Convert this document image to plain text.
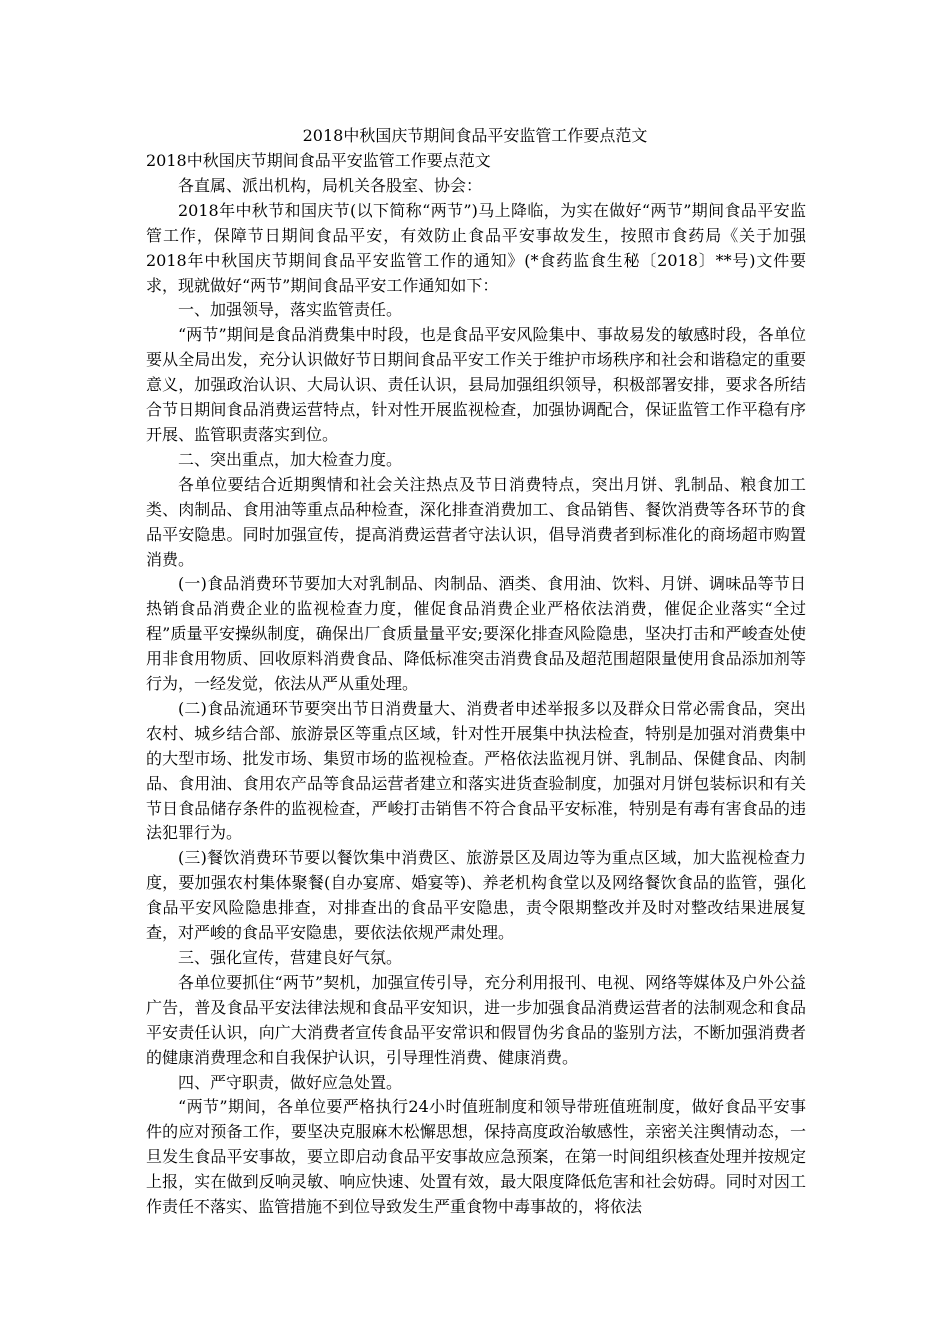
2018中秋国庆节期间食品平安监管工作要点范文

2018中秋国庆节期间食品平安监管工作要点范文

各直属、派出机构，局机关各股室、协会：

2018年中秋节和国庆节(以下简称“两节”)马上降临，为实在做好“两节”期间食品平安监管工作，保障节日期间食品平安，有效防止食品平安事故发生，按照市食药局《关于加强2018年中秋国庆节期间食品平安监管工作的通知》(*食药监食生秘〔2018〕**号)文件要求，现就做好“两节”期间食品平安工作通知如下：

一、加强领导，落实监管责任。

“两节”期间是食品消费集中时段，也是食品平安风险集中、事故易发的敏感时段，各单位要从全局出发，充分认识做好节日期间食品平安工作关于维护市场秩序和社会和谐稳定的重要意义，加强政治认识、大局认识、责任认识，县局加强组织领导，积极部署安排，要求各所结合节日期间食品消费运营特点，针对性开展监视检查，加强协调配合，保证监管工作平稳有序开展、监管职责落实到位。

二、突出重点，加大检查力度。

各单位要结合近期舆情和社会关注热点及节日消费特点，突出月饼、乳制品、粮食加工类、肉制品、食用油等重点品种检查，深化排查消费加工、食品销售、餐饮消费等各环节的食品平安隐患。同时加强宣传，提高消费运营者守法认识，倡导消费者到标准化的商场超市购置消费。

(一)食品消费环节要加大对乳制品、肉制品、酒类、食用油、饮料、月饼、调味品等节日热销食品消费企业的监视检查力度，催促食品消费企业严格依法消费，催促企业落实“全过程”质量平安操纵制度，确保出厂食质量量平安;要深化排查风险隐患，坚决打击和严峻查处使用非食用物质、回收原料消费食品、降低标准突击消费食品及超范围超限量使用食品添加剂等行为，一经发觉，依法从严从重处理。

(二)食品流通环节要突出节日消费量大、消费者申述举报多以及群众日常必需食品，突出农村、城乡结合部、旅游景区等重点区域，针对性开展集中执法检查，特别是加强对消费集中的大型市场、批发市场、集贸市场的监视检查。严格依法监视月饼、乳制品、保健食品、肉制品、食用油、食用农产品等食品运营者建立和落实进货查验制度，加强对月饼包装标识和有关节日食品储存条件的监视检查，严峻打击销售不符合食品平安标准，特别是有毒有害食品的违法犯罪行为。

(三)餐饮消费环节要以餐饮集中消费区、旅游景区及周边等为重点区域，加大监视检查力度，要加强农村集体聚餐(自办宴席、婚宴等)、养老机构食堂以及网络餐饮食品的监管，强化食品平安风险隐患排查，对排查出的食品平安隐患，责令限期整改并及时对整改结果进展复查，对严峻的食品平安隐患，要依法依规严肃处理。

三、强化宣传，营建良好气氛。

各单位要抓住“两节”契机，加强宣传引导，充分利用报刊、电视、网络等媒体及户外公益广告，普及食品平安法律法规和食品平安知识，进一步加强食品消费运营者的法制观念和食品平安责任认识，向广大消费者宣传食品平安常识和假冒伪劣食品的鉴别方法，不断加强消费者的健康消费理念和自我保护认识，引导理性消费、健康消费。

四、严守职责，做好应急处置。

“两节”期间，各单位要严格执行24小时值班制度和领导带班值班制度，做好食品平安事件的应对预备工作，要坚决克服麻木松懈思想，保持高度政治敏感性，亲密关注舆情动态，一旦发生食品平安事故，要立即启动食品平安事故应急预案，在第一时间组织核查处理并按规定上报，实在做到反响灵敏、响应快速、处置有效，最大限度降低危害和社会妨碍。同时对因工作责任不落实、监管措施不到位导致发生严重食物中毒事故的，将依法
